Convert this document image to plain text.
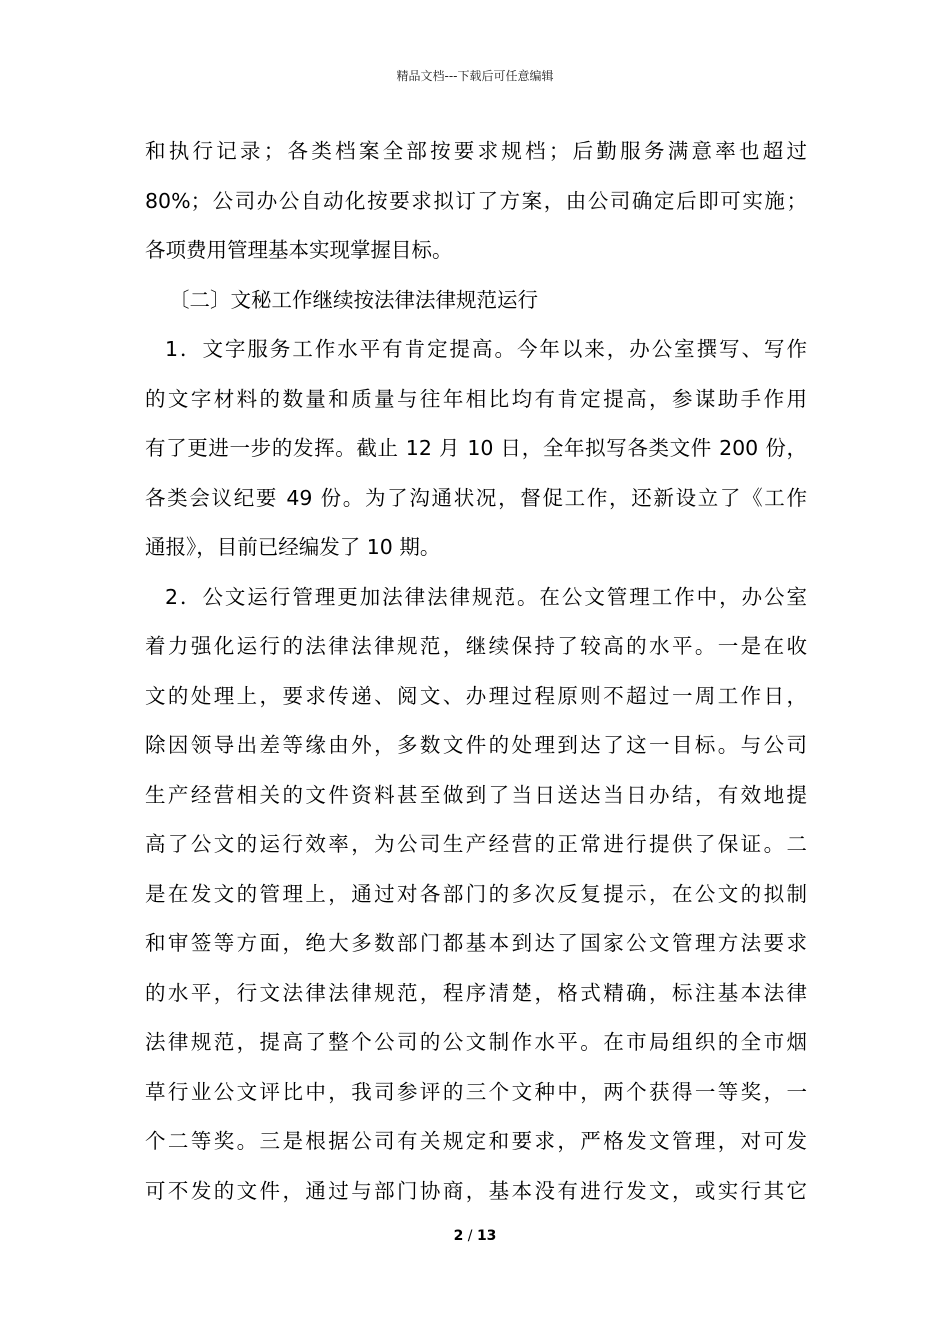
精品文档---下载后可任意编辑
和执行记录；各类档案全部按要求规档；后勤服务满意率也超过
80%；公司办公自动化按要求拟订了方案，由公司确定后即可实施；
各项费用管理基本实现掌握目标。
〔二〕文秘工作继续按法律法律规范运行
1．文字服务工作水平有肯定提高。今年以来，办公室撰写、写作
的文字材料的数量和质量与往年相比均有肯定提高，参谋助手作用
有了更进一步的发挥。截止 12 月 10 日，全年拟写各类文件 200 份，
各类会议纪要 49 份。为了沟通状况，督促工作，还新设立了《工作
通报》，目前已经编发了 10 期。
2．公文运行管理更加法律法律规范。在公文管理工作中，办公室
着力强化运行的法律法律规范，继续保持了较高的水平。一是在收
文的处理上，要求传递、阅文、办理过程原则不超过一周工作日，
除因领导出差等缘由外，多数文件的处理到达了这一目标。与公司
生产经营相关的文件资料甚至做到了当日送达当日办结，有效地提
高了公文的运行效率，为公司生产经营的正常进行提供了保证。二
是在发文的管理上，通过对各部门的多次反复提示，在公文的拟制
和审签等方面，绝大多数部门都基本到达了国家公文管理方法要求
的水平，行文法律法律规范，程序清楚，格式精确，标注基本法律
法律规范，提高了整个公司的公文制作水平。在市局组织的全市烟
草行业公文评比中，我司参评的三个文种中，两个获得一等奖，一
个二等奖。三是根据公司有关规定和要求，严格发文管理，对可发
可不发的文件，通过与部门协商，基本没有进行发文，或实行其它
2 / 13
